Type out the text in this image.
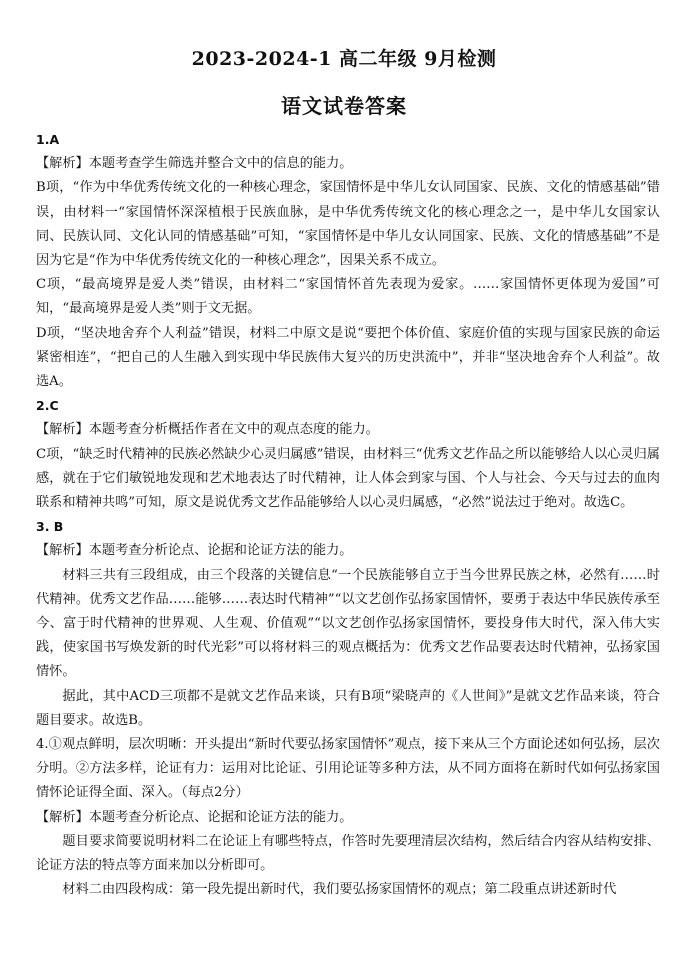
2023-2024-1 高二年级 9月检测
语文试卷答案

1.A

【解析】本题考查学生筛选并整合文中的信息的能力。

B项，“作为中华优秀传统文化的一种核心理念，家国情怀是中华儿女认同国家、民族、文化的情感基础”错误，由材料一“家国情怀深深植根于民族血脉，是中华优秀传统文化的核心理念之一，是中华儿女国家认同、民族认同、文化认同的情感基础”可知，“家国情怀是中华儿女认同国家、民族、文化的情感基础”不是因为它是“作为中华优秀传统文化的一种核心理念”，因果关系不成立。

C项，“最高境界是爱人类”错误，由材料二“家国情怀首先表现为爱家。……家国情怀更体现为爱国”可知，“最高境界是爱人类”则于文无据。

D项，“坚决地舍弃个人利益”错误，材料二中原文是说“要把个体价值、家庭价值的实现与国家民族的命运紧密相连”，“把自己的人生融入到实现中华民族伟大复兴的历史洪流中”，并非“坚决地舍弃个人利益”。故选A。

2.C

【解析】本题考查分析概括作者在文中的观点态度的能力。

C项，“缺乏时代精神的民族必然缺少心灵归属感”错误，由材料三“优秀文艺作品之所以能够给人以心灵归属感，就在于它们敏锐地发现和艺术地表达了时代精神，让人体会到家与国、个人与社会、今天与过去的血肉联系和精神共鸣”可知，原文是说优秀文艺作品能够给人以心灵归属感，“必然”说法过于绝对。故选C。

3. B

【解析】本题考查分析论点、论据和论证方法的能力。

材料三共有三段组成，由三个段落的关键信息“一个民族能够自立于当今世界民族之林，必然有……时代精神。优秀文艺作品……能够……表达时代精神”“以文艺创作弘扬家国情怀，要勇于表达中华民族传承至今、富于时代精神的世界观、人生观、价值观”“以文艺创作弘扬家国情怀，要投身伟大时代，深入伟大实践，使家国书写焕发新的时代光彩”可以将材料三的观点概括为：优秀文艺作品要表达时代精神，弘扬家国情怀。

据此，其中ACD三项都不是就文艺作品来谈，只有B项“梁晓声的《人世间》”是就文艺作品来谈，符合题目要求。故选B。

4.①观点鲜明，层次明晰：开头提出“新时代要弘扬家国情怀”观点，接下来从三个方面论述如何弘扬，层次分明。②方法多样，论证有力：运用对比论证、引用论证等多种方法，从不同方面将在新时代如何弘扬家国情怀论证得全面、深入。（每点2分）

【解析】本题考查分析论点、论据和论证方法的能力。

题目要求简要说明材料二在论证上有哪些特点，作答时先要理清层次结构，然后结合内容从结构安排、论证方法的特点等方面来加以分析即可。

材料二由四段构成：第一段先提出新时代，我们要弘扬家国情怀的观点；第二段重点讲述新时代
